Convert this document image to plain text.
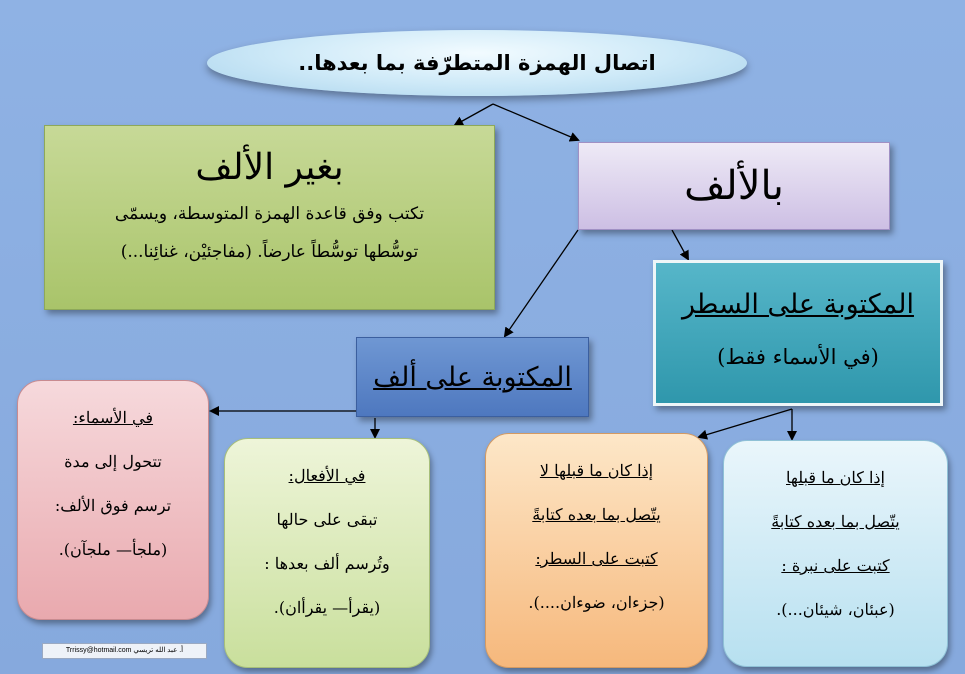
اتصال الهمزة المتطرّفة بما بعدها..
بغير الألف
تكتب وفق قاعدة الهمزة المتوسطة، ويسمّى
توسُّطها توسُّطاً عارضاً. (مفاجئيْن، غنائِنا...)
بالألف
المكتوبة على السطر
(في الأسماء فقط)
المكتوبة على ألف
في الأسماء:
تتحول إلى مدة
ترسم فوق الألف:
(ملجأ— ملجآن).
في الأفعال:
تبقى على حالها
وتُرسم ألف بعدها :
(يقرأ— يقرأان).
إذا كان ما قبلها لا
يتّصل بما بعده كتابةً
كتبت على السطر:
(جزءان، ضوءان....).
إذا كان ما قبلها
يتّصل بما بعده كتابةً
كتبت على نبرة :
(عبئان، شيئان...).
Trrissy@hotmail.com أ. عبد الله تريسي
